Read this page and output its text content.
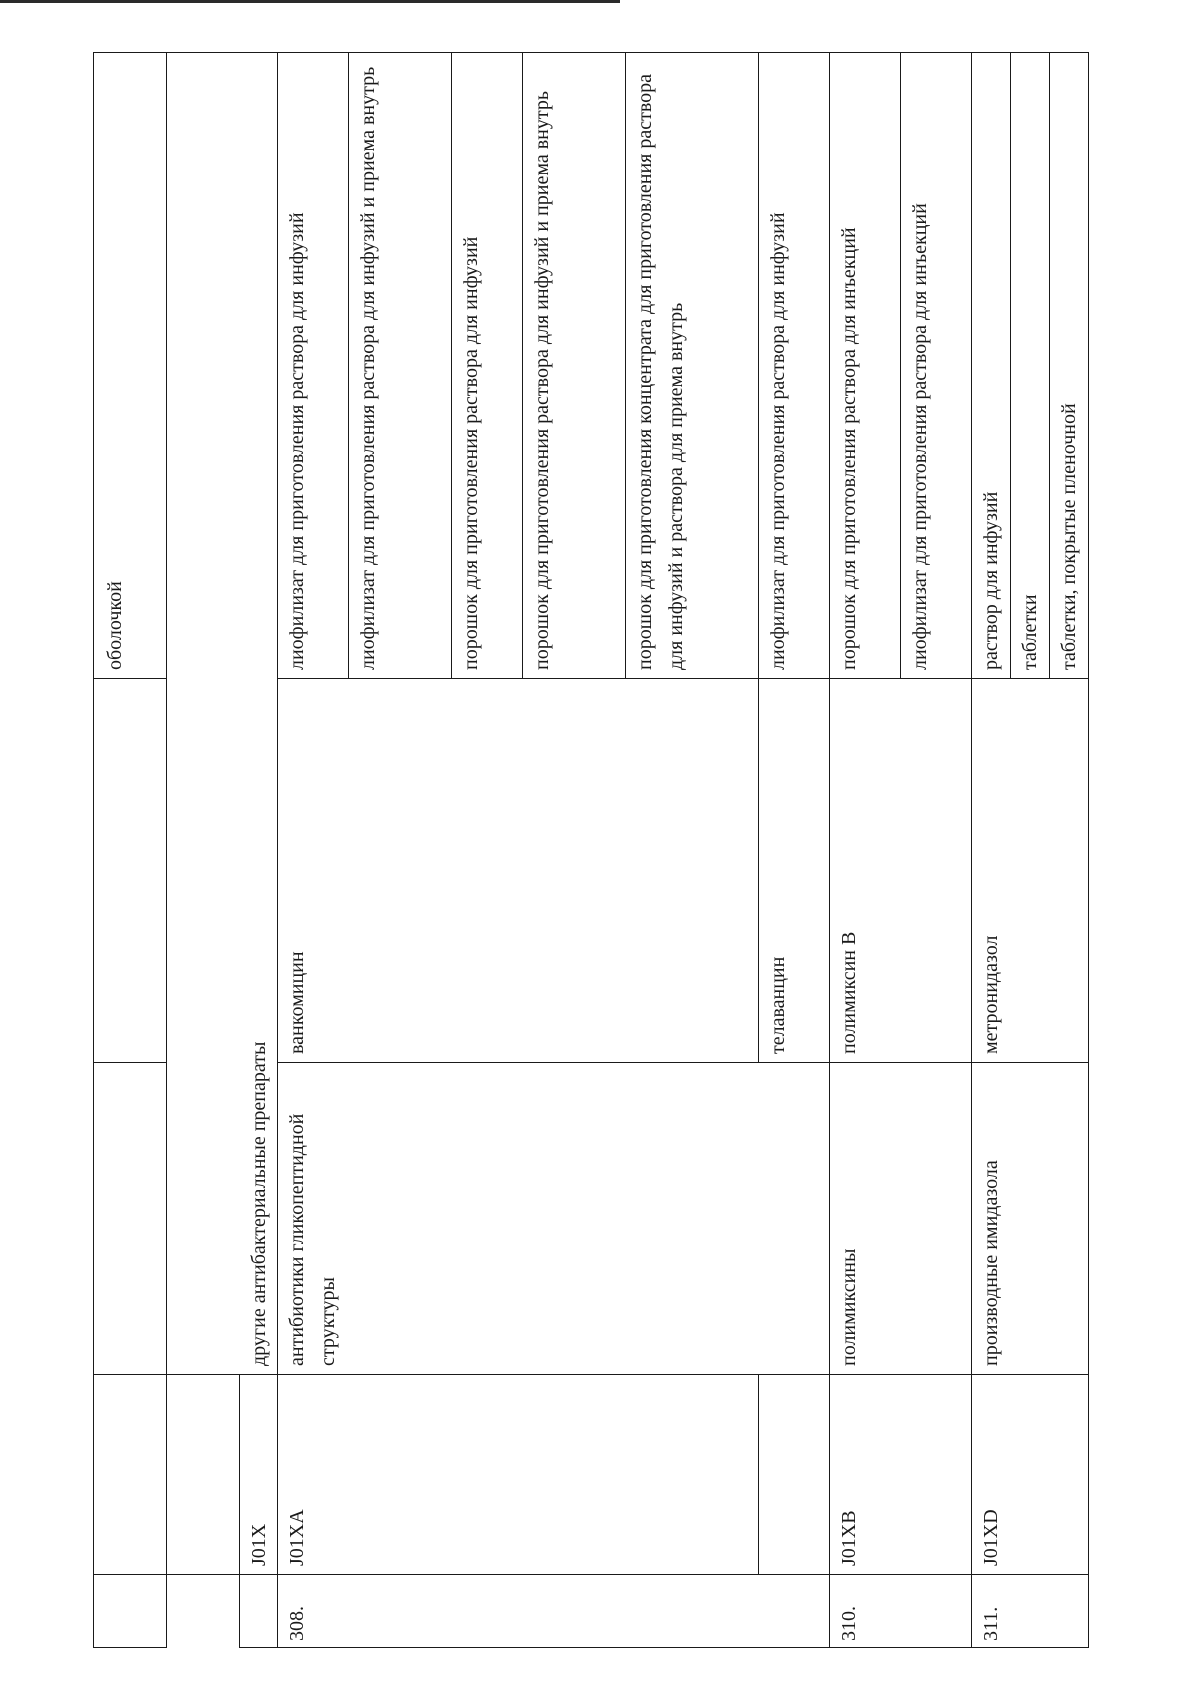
				оболочкой

	J01X	другие антибактериальные препараты		
308.	J01XA	антибиотики гликопептидной структуры	ванкомицин	лиофилизат для приготовления раствора для инфузий
				лиофилизат для приготовления раствора для инфузий и приема внутрь
				порошок для приготовления раствора для инфузий
				порошок для приготовления раствора для инфузий и приема внутрь
				порошок для приготовления концентрата для приготовления раствора для инфузий и раствора для приема внутрь
			телаванцин	лиофилизат для приготовления раствора для инфузий
310.	J01XB	полимиксины	полимиксин В	порошок для приготовления раствора для инъекций
				лиофилизат для приготовления раствора для инъекций
311.	J01XD	производные имидазола	метронидазол	раствор для инфузий
				таблетки
				таблетки, покрытые пленочной
